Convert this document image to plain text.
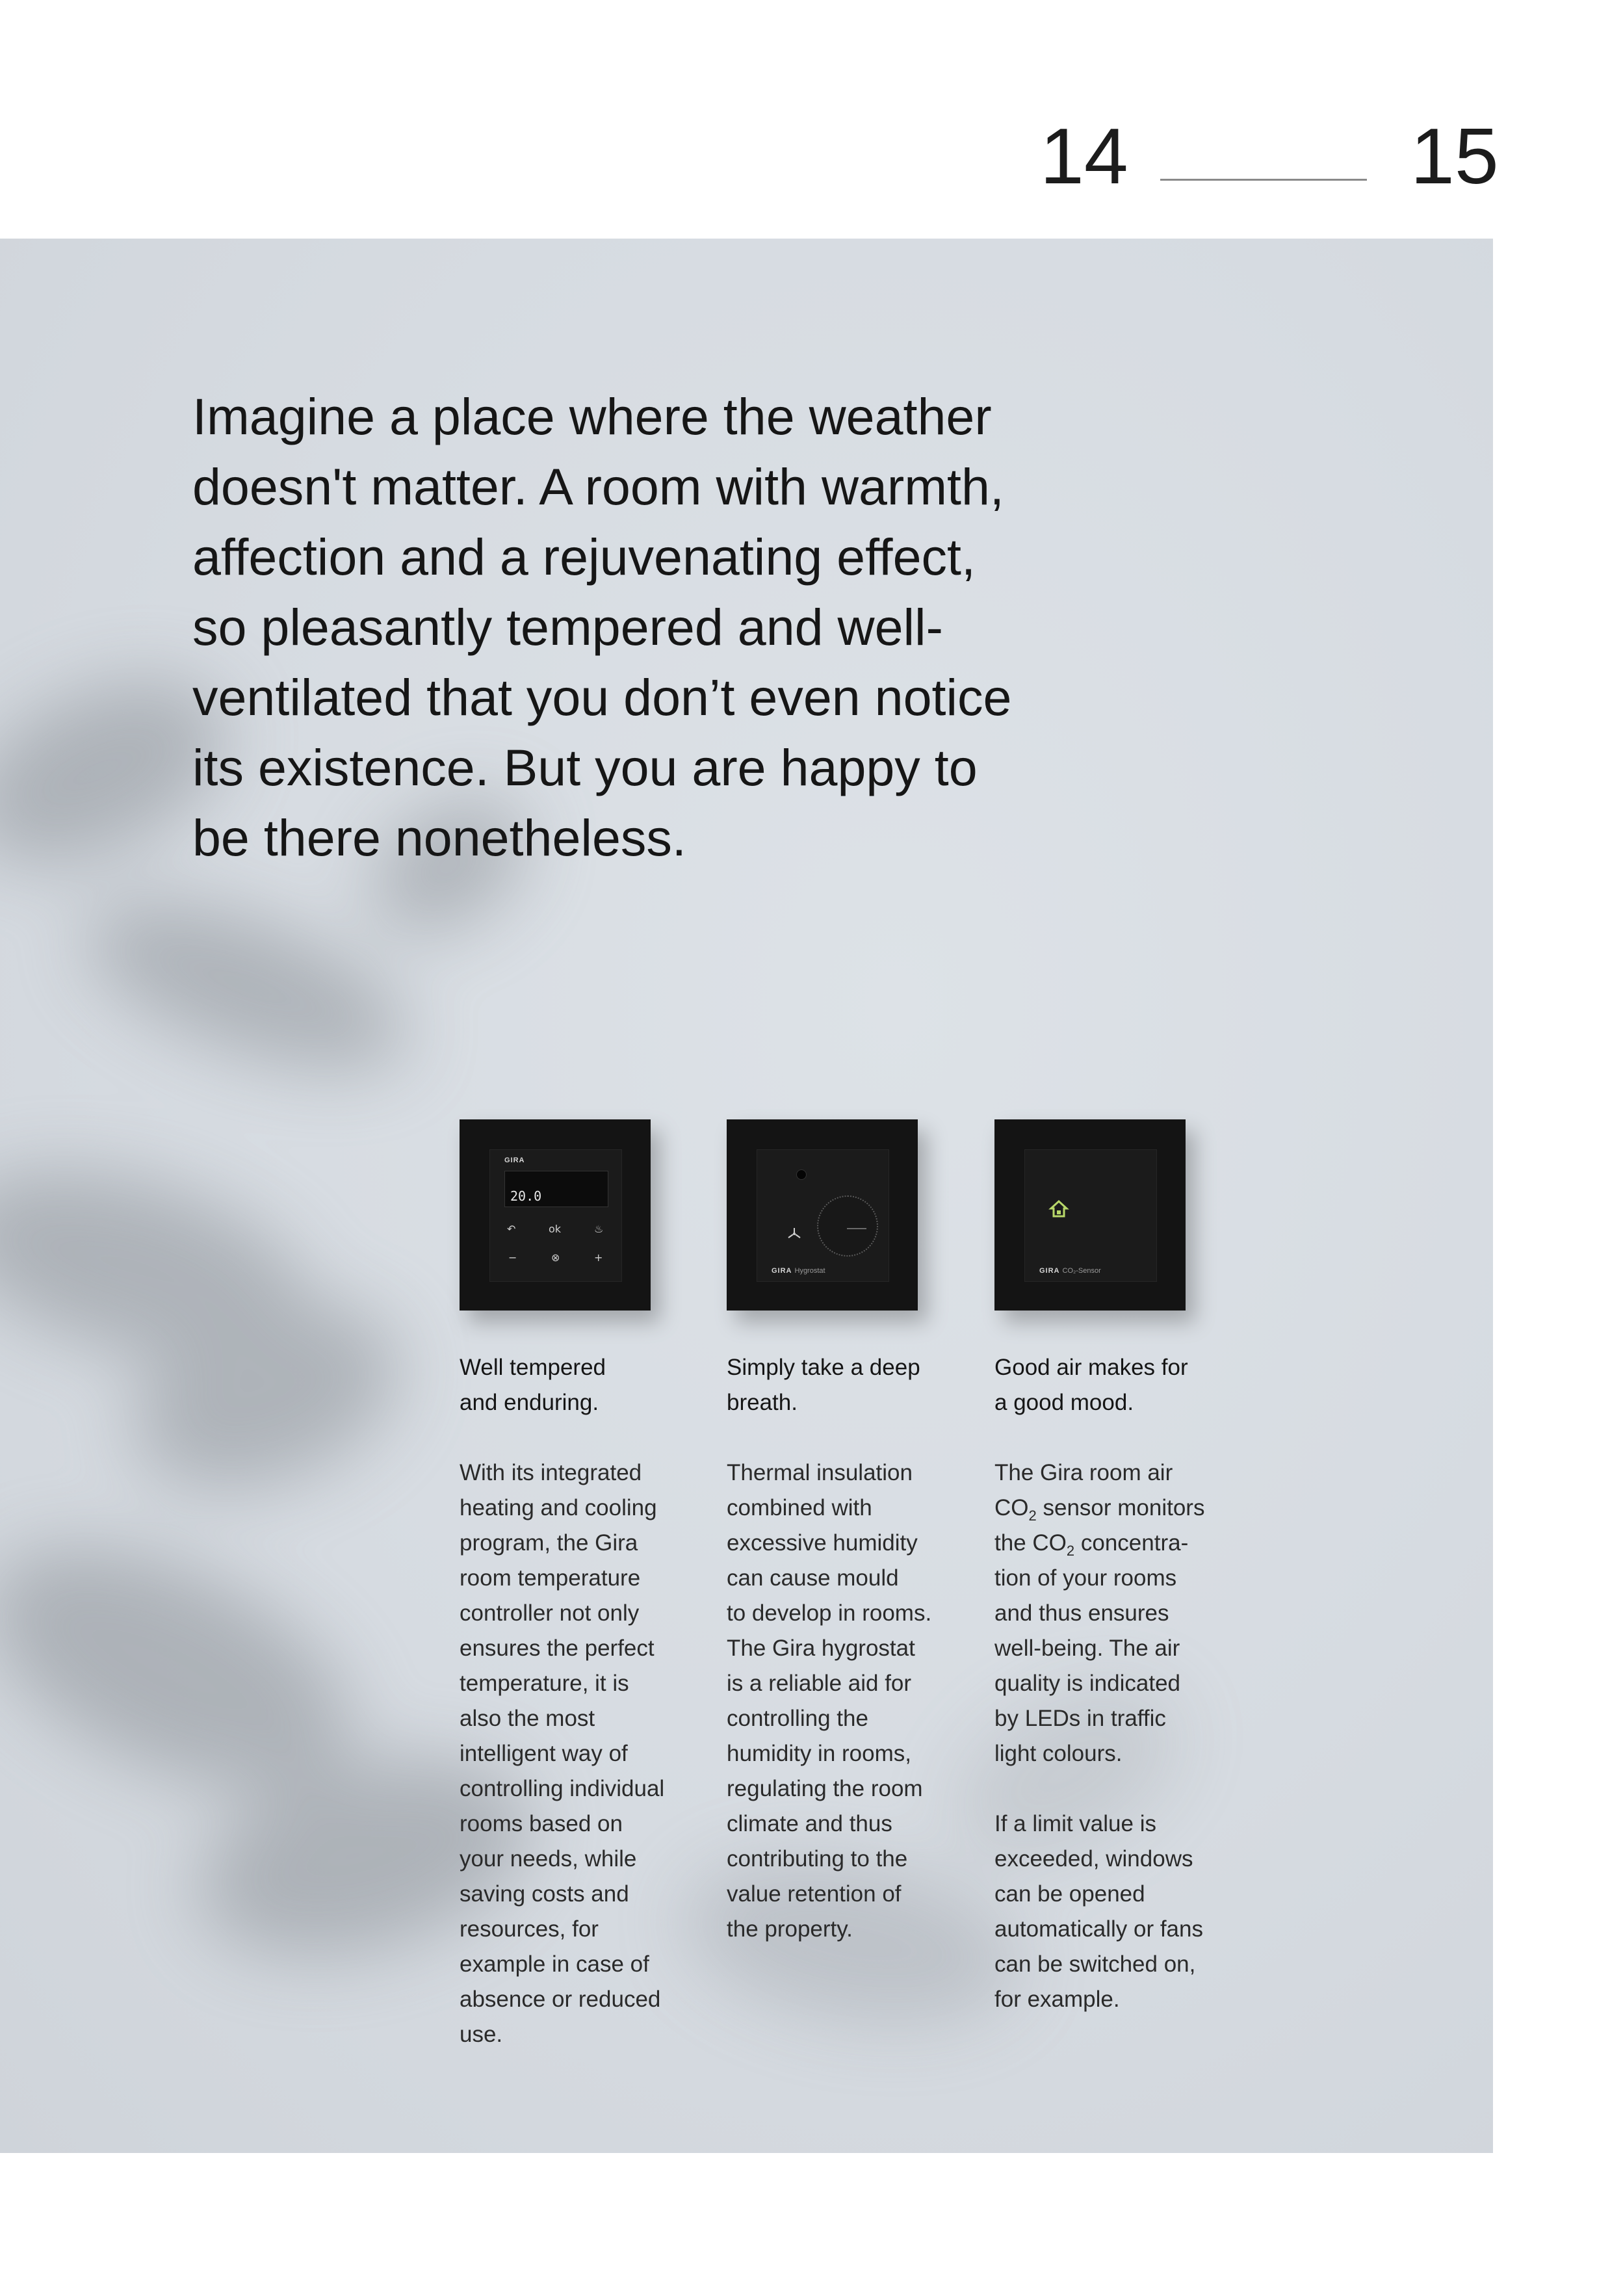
14	15
Imagine a place where the weather
doesn't matter. A room with warmth,
affection and a rejuvenating effect,
so pleasantly tempered and well-
ventilated that you don’t even notice
its existence. But you are happy to
be there nonetheless.
GIRA
20.0
↶	ok	♨
−	⊗	+
GIRA Hygrostat	GIRA CO₂-Sensor
Well tempered
and enduring.

With its integrated
heating and cooling
program, the Gira
room temperature
controller not only
ensures the perfect
temperature, it is
also the most
intelligent way of
controlling individual
rooms based on
your needs, while
saving costs and
resources, for
example in case of
absence or reduced
use.

Simply take a deep
breath.

Thermal insulation
combined with
excessive humidity
can cause mould
to develop in rooms.
The Gira hygrostat
is a reliable aid for
controlling the
humidity in rooms,
regulating the room
climate and thus
contributing to the
value retention of
the property.

Good air makes for
a good mood.

The Gira room air
$CO_2$ sensor monitors
the $CO_2$ concentra-
tion of your rooms
and thus ensures
well-being. The air
quality is indicated
by LEDs in traffic
light colours.

If a limit value is
exceeded, windows
can be opened
automatically or fans
can be switched on,
for example.
